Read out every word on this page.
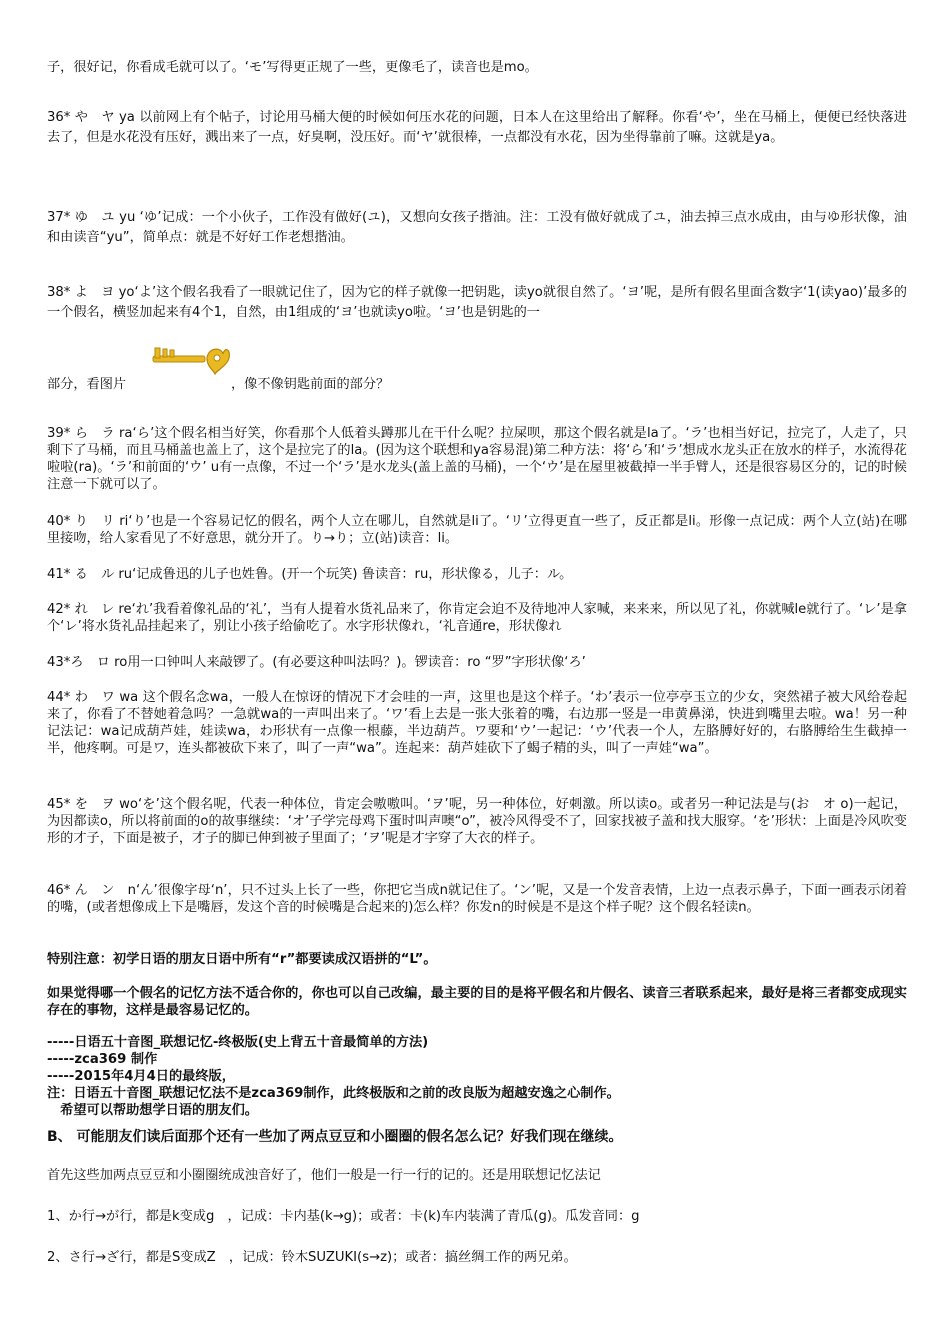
子，很好记，你看成毛就可以了。‘モ’写得更正规了一些，更像毛了，读音也是mo。

36* や　ヤ ya 以前网上有个帖子，讨论用马桶大便的时候如何压水花的问题，日本人在这里给出了解释。你看‘や’，坐在马桶上，便便已经快落进去了，但是水花没有压好，溅出来了一点，好臭啊，没压好。而‘ヤ’就很棒，一点都没有水花，因为坐得靠前了嘛。这就是ya。

37* ゆ　ユ yu ‘ゆ’记成：一个小伙子，工作没有做好(ユ)，又想向女孩子揩油。注：工没有做好就成了ユ，油去掉三点水成由，由与ゆ形状像，油和由读音“yu”，简单点：就是不好好工作老想揩油。

38* よ　ヨ yo‘よ’这个假名我看了一眼就记住了，因为它的样子就像一把钥匙，读yo就很自然了。‘ヨ’呢，是所有假名里面含数字‘1(读yao)’最多的一个假名，横竖加起来有4个1，自然，由1组成的‘ヨ’也就读yo啦。‘ヨ’也是钥匙的一

部分，看图片	，像不像钥匙前面的部分？

39* ら　ラ ra‘ら’这个假名相当好笑，你看那个人低着头蹲那儿在干什么呢？拉屎呗，那这个假名就是la了。‘ラ’也相当好记，拉完了，人走了，只剩下了马桶，而且马桶盖也盖上了，这个是拉完了的la。(因为这个联想和ya容易混)第二种方法：将‘ら’和‘ラ’想成水龙头正在放水的样子，水流得花啦啦(ra)。‘ラ’和前面的‘ウ’ u有一点像，不过一个‘ラ’是水龙头(盖上盖的马桶)，一个‘ウ’是在屋里被截掉一半手臂人，还是很容易区分的，记的时候注意一下就可以了。

40* り　リ ri‘り’也是一个容易记忆的假名，两个人立在哪儿，自然就是li了。‘リ’立得更直一些了，反正都是li。形像一点记成：两个人立(站)在哪里接吻，给人家看见了不好意思，就分开了。り→り；立(站)读音：li。

41* る　ル ru‘记成鲁迅的儿子也姓鲁。(开一个玩笑) 鲁读音：ru，形状像る，儿子：ル。

42* れ　レ re‘れ’我看着像礼品的‘礼’，当有人提着水货礼品来了，你肯定会迫不及待地冲人家喊，来来来，所以见了礼，你就喊le就行了。‘レ’是拿个‘レ’将水货礼品挂起来了，别让小孩子给偷吃了。水字形状像れ，‘礼音通re，形状像れ

43*ろ　ロ ro用一口钟叫人来敲锣了。(有必要这种叫法吗？)。锣读音：ro “罗”字形状像‘ろ’

44* わ　ワ wa 这个假名念wa，一般人在惊讶的情况下才会哇的一声，这里也是这个样子。‘わ’表示一位亭亭玉立的少女，突然裙子被大风给卷起来了，你看了不替她着急吗？一急就wa的一声叫出来了。‘ワ’看上去是一张大张着的嘴，右边那一竖是一串黄鼻涕，快进到嘴里去啦。wa！另一种记法记：wa记成葫芦娃，娃读wa，わ形状有一点像一根藤，半边葫芦。ワ要和‘ウ’一起记：‘ウ’代表一个人，左胳膊好好的，右胳膊给生生截掉一半，他疼啊。可是ワ，连头都被砍下来了，叫了一声“wa”。连起来：葫芦娃砍下了蝎子精的头，叫了一声娃“wa”。

45* を　ヲ wo‘を’这个假名呢，代表一种体位，肯定会嗷嗷叫。‘ヲ’呢，另一种体位，好刺激。所以读o。或者另一种记法是与(お　オ o)一起记，为因都读o，所以将前面的o的故事继续：‘オ’子学完母鸡下蛋时叫声噢“o”，被冷风得受不了，回家找被子盖和找大服穿。‘を’形状：上面是冷风吹变形的才子，下面是被子，才子的脚已伸到被子里面了；‘ヲ’呢是才字穿了大衣的样子。

46* ん　ン　n‘ん’很像字母‘n’，只不过头上长了一些，你把它当成n就记住了。‘ン’呢，又是一个发音表情，上边一点表示鼻子，下面一画表示闭着的嘴，(或者想像成上下是嘴唇，发这个音的时候嘴是合起来的)怎么样？你发n的时候是不是这个样子呢？这个假名轻读n。

特别注意：初学日语的朋友日语中所有“r”都要读成汉语拼的“L”。

如果觉得哪一个假名的记忆方法不适合你的，你也可以自己改编，最主要的目的是将平假名和片假名、读音三者联系起来，最好是将三者都变成现实存在的事物，这样是最容易记忆的。

-----日语五十音图_联想记忆-终极版(史上背五十音最简单的方法)
-----zca369 制作
-----2015年4月4日的最终版，
注：日语五十音图_联想记忆法不是zca369制作，此终极版和之前的改良版为超越安逸之心制作。
　希望可以帮助想学日语的朋友们。

B、 可能朋友们读后面那个还有一些加了两点豆豆和小圈圈的假名怎么记？好我们现在继续。

首先这些加两点豆豆和小圈圈统成浊音好了，他们一般是一行一行的记的。还是用联想记忆法记

1、か行→が行，都是k变成g　，记成：卡内基(k→g)；或者：卡(k)车内装满了青瓜(g)。瓜发音同：g

2、さ行→ざ行，都是S变成Z　，记成：铃木SUZUKI(s→z)；或者：搞丝绸工作的两兄弟。
